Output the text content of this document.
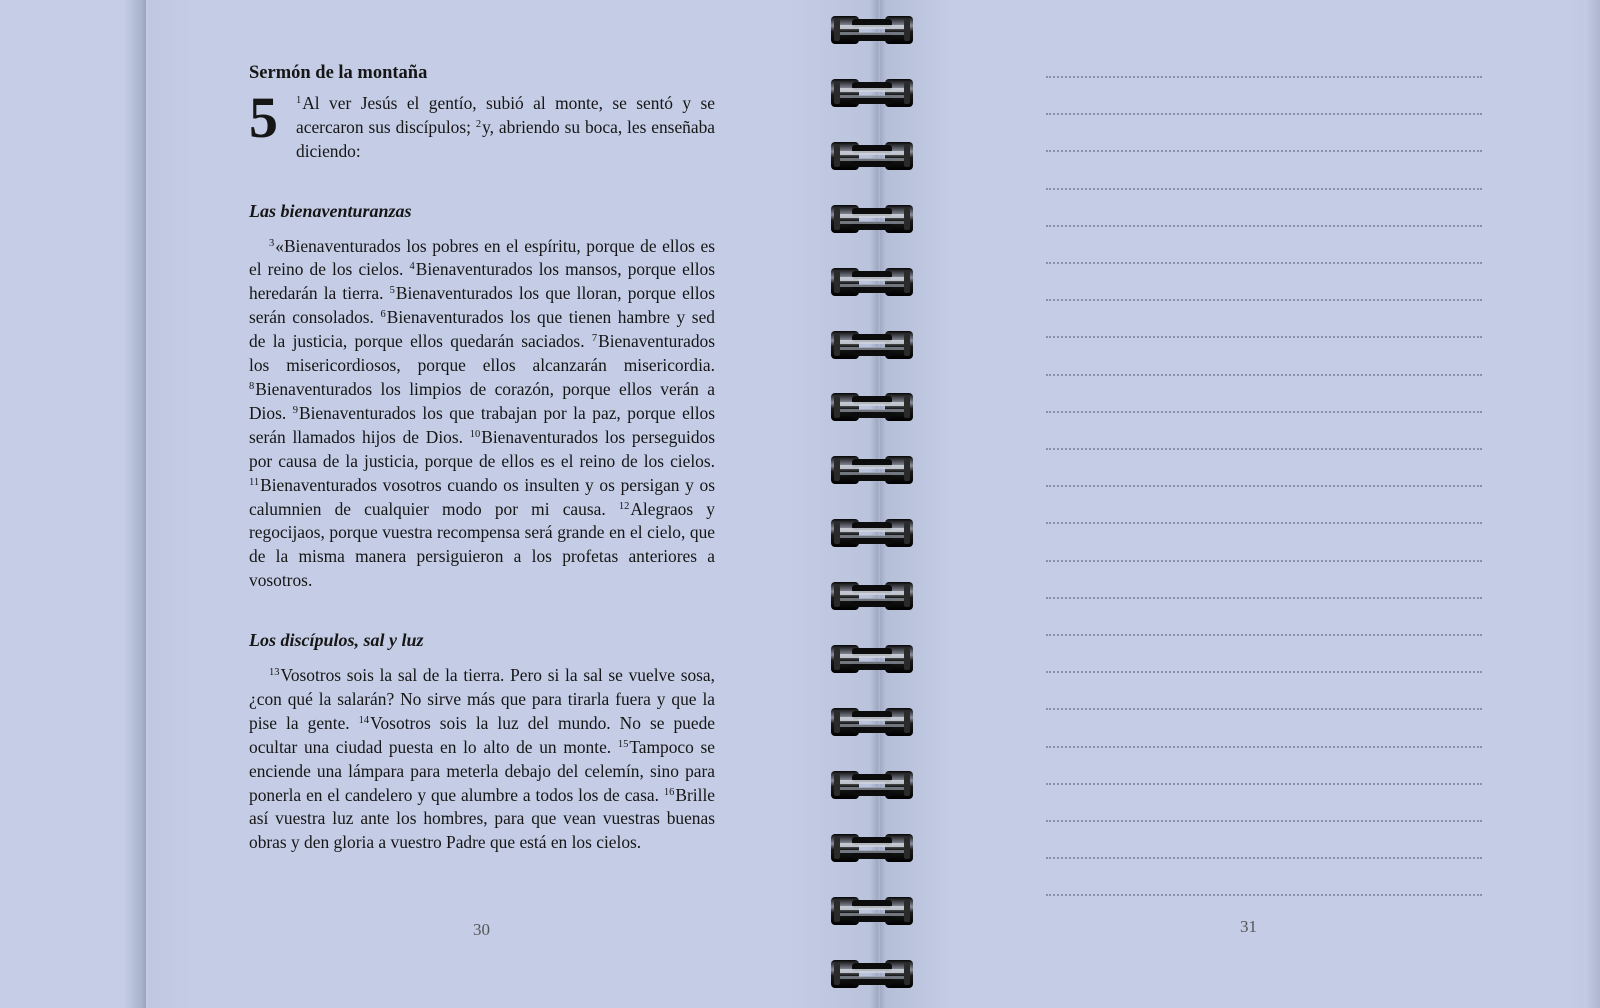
Sermón de la montaña
5	$^1$Al ver Jesús el gentío, subió al monte, se sentó y se acercaron sus discípulos; $^2$y, abriendo su boca, les enseñaba diciendo:

Las bienaventuranzas

$^3$«Bienaventurados los pobres en el espíritu, porque de ellos es el reino de los cielos. $^4$Bienaventurados los mansos, porque ellos heredarán la tierra. $^5$Bienaventurados los que lloran, porque ellos serán consolados. $^6$Bienaventurados los que tienen hambre y sed de la justicia, porque ellos quedarán saciados. $^7$Bienaventurados los misericordiosos, porque ellos alcanzarán misericordia. $^8$Bienaventurados los limpios de corazón, porque ellos verán a Dios. $^9$Bienaventurados los que trabajan por la paz, porque ellos serán llamados hijos de Dios. $^{10}$Bienaventurados los perseguidos por causa de la justicia, porque de ellos es el reino de los cielos. $^{11}$Bienaventurados vosotros cuando os insulten y os persigan y os calumnien de cualquier modo por mi causa. $^{12}$Alegraos y regocijaos, porque vuestra recompensa será grande en el cielo, que de la misma manera persiguieron a los profetas anteriores a vosotros.

Los discípulos, sal y luz

$^{13}$Vosotros sois la sal de la tierra. Pero si la sal se vuelve sosa, ¿con qué la salarán? No sirve más que para tirarla fuera y que la pise la gente. $^{14}$Vosotros sois la luz del mundo. No se puede ocultar una ciudad puesta en lo alto de un monte. $^{15}$Tampoco se enciende una lámpara para meterla debajo del celemín, sino para ponerla en el candelero y que alumbre a todos los de casa. $^{16}$Brille así vuestra luz ante los hombres, para que vean vuestras buenas obras y den gloria a vuestro Padre que está en los cielos.

30	31
